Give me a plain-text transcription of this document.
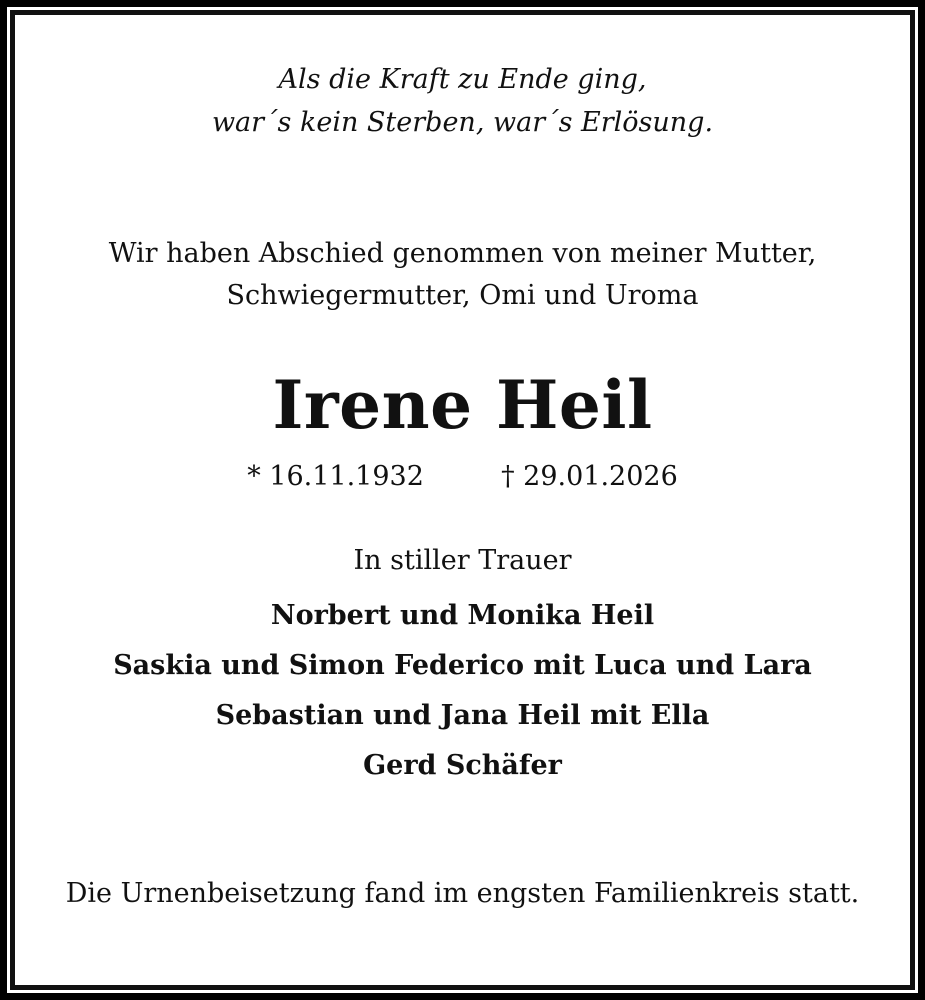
Als die Kraft zu Ende ging,
war´s kein Sterben, war´s Erlösung.
Wir haben Abschied genommen von meiner Mutter,
Schwiegermutter, Omi und Uroma
Irene Heil
* 16.11.1932	† 29.01.2026
In stiller Trauer
Norbert und Monika Heil
Saskia und Simon Federico mit Luca und Lara
Sebastian und Jana Heil mit Ella
Gerd Schäfer
Die Urnenbeisetzung fand im engsten Familienkreis statt.
